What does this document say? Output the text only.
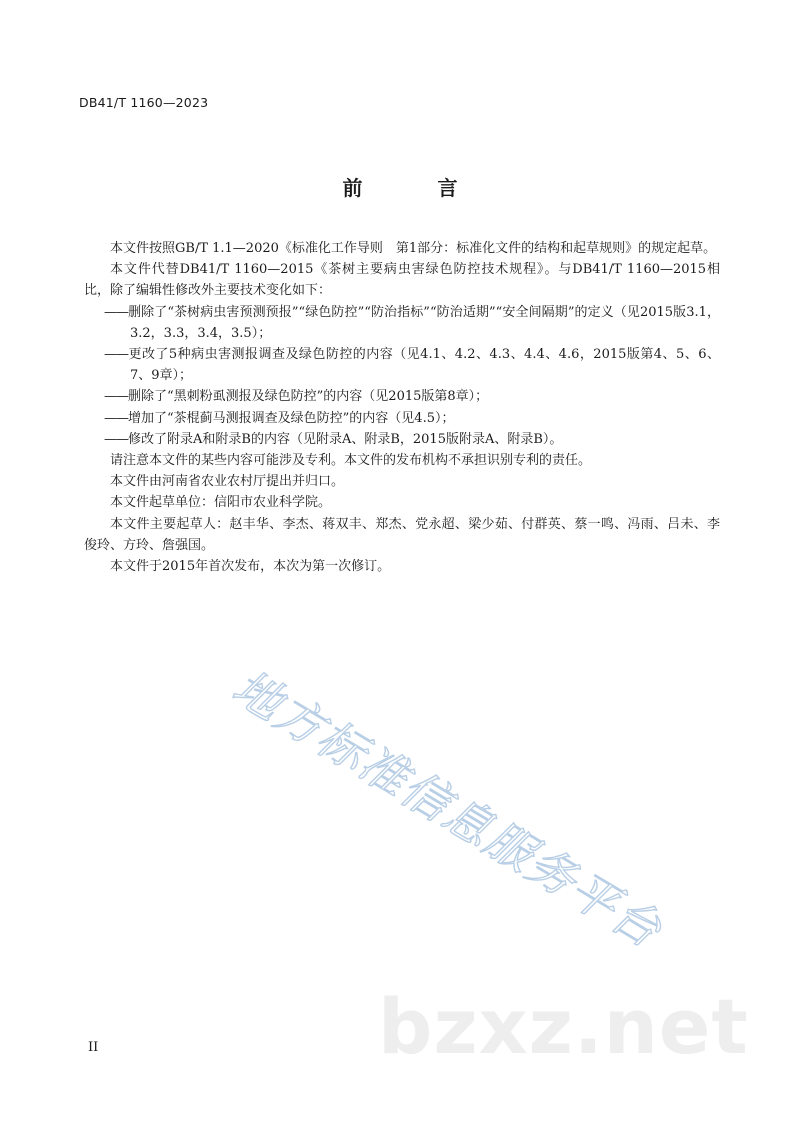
DB41/T 1160—2023
前 言

本文件按照GB/T 1.1—2020《标准化工作导则　第1部分：标准化文件的结构和起草规则》的规定起草。

本文件代替DB41/T 1160—2015《茶树主要病虫害绿色防控技术规程》。与DB41/T 1160—2015相比，除了编辑性修改外主要技术变化如下：

——删除了“茶树病虫害预测预报”“绿色防控”“防治指标”“防治适期”“安全间隔期”的定义（见2015版3.1，3.2，3.3，3.4，3.5）；

——更改了5种病虫害测报调查及绿色防控的内容（见4.1、4.2、4.3、4.4、4.6，2015版第4、5、6、7、9章）；

——删除了“黑刺粉虱测报及绿色防控”的内容（见2015版第8章）；

——增加了“茶棍蓟马测报调查及绿色防控”的内容（见4.5）；

——修改了附录A和附录B的内容（见附录A、附录B，2015版附录A、附录B）。

请注意本文件的某些内容可能涉及专利。本文件的发布机构不承担识别专利的责任。

本文件由河南省农业农村厅提出并归口。

本文件起草单位：信阳市农业科学院。

本文件主要起草人：赵丰华、李杰、蒋双丰、郑杰、党永超、梁少茹、付群英、蔡一鸣、冯雨、吕未、李俊玲、方玲、詹强国。

本文件于2015年首次发布，本次为第一次修订。

地方标准信息服务平台
bzxz.net
II
